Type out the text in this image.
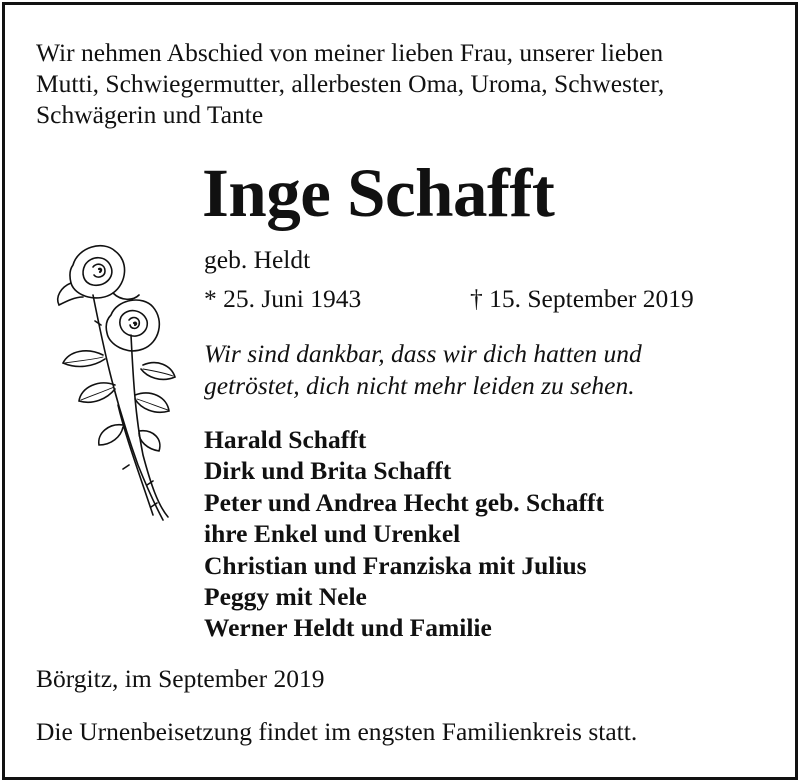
Wir nehmen Abschied von meiner lieben Frau, unserer lieben
Mutti, Schwiegermutter, allerbesten Oma, Uroma, Schwester,
Schwägerin und Tante
Inge Schafft
geb. Heldt
* 25. Juni 1943	† 15. September 2019
Wir sind dankbar, dass wir dich hatten und
getröstet, dich nicht mehr leiden zu sehen.
Harald Schafft
Dirk und Brita Schafft
Peter und Andrea Hecht geb. Schafft
ihre Enkel und Urenkel
Christian und Franziska mit Julius
Peggy mit Nele
Werner Heldt und Familie
Börgitz, im September 2019
Die Urnenbeisetzung findet im engsten Familienkreis statt.
